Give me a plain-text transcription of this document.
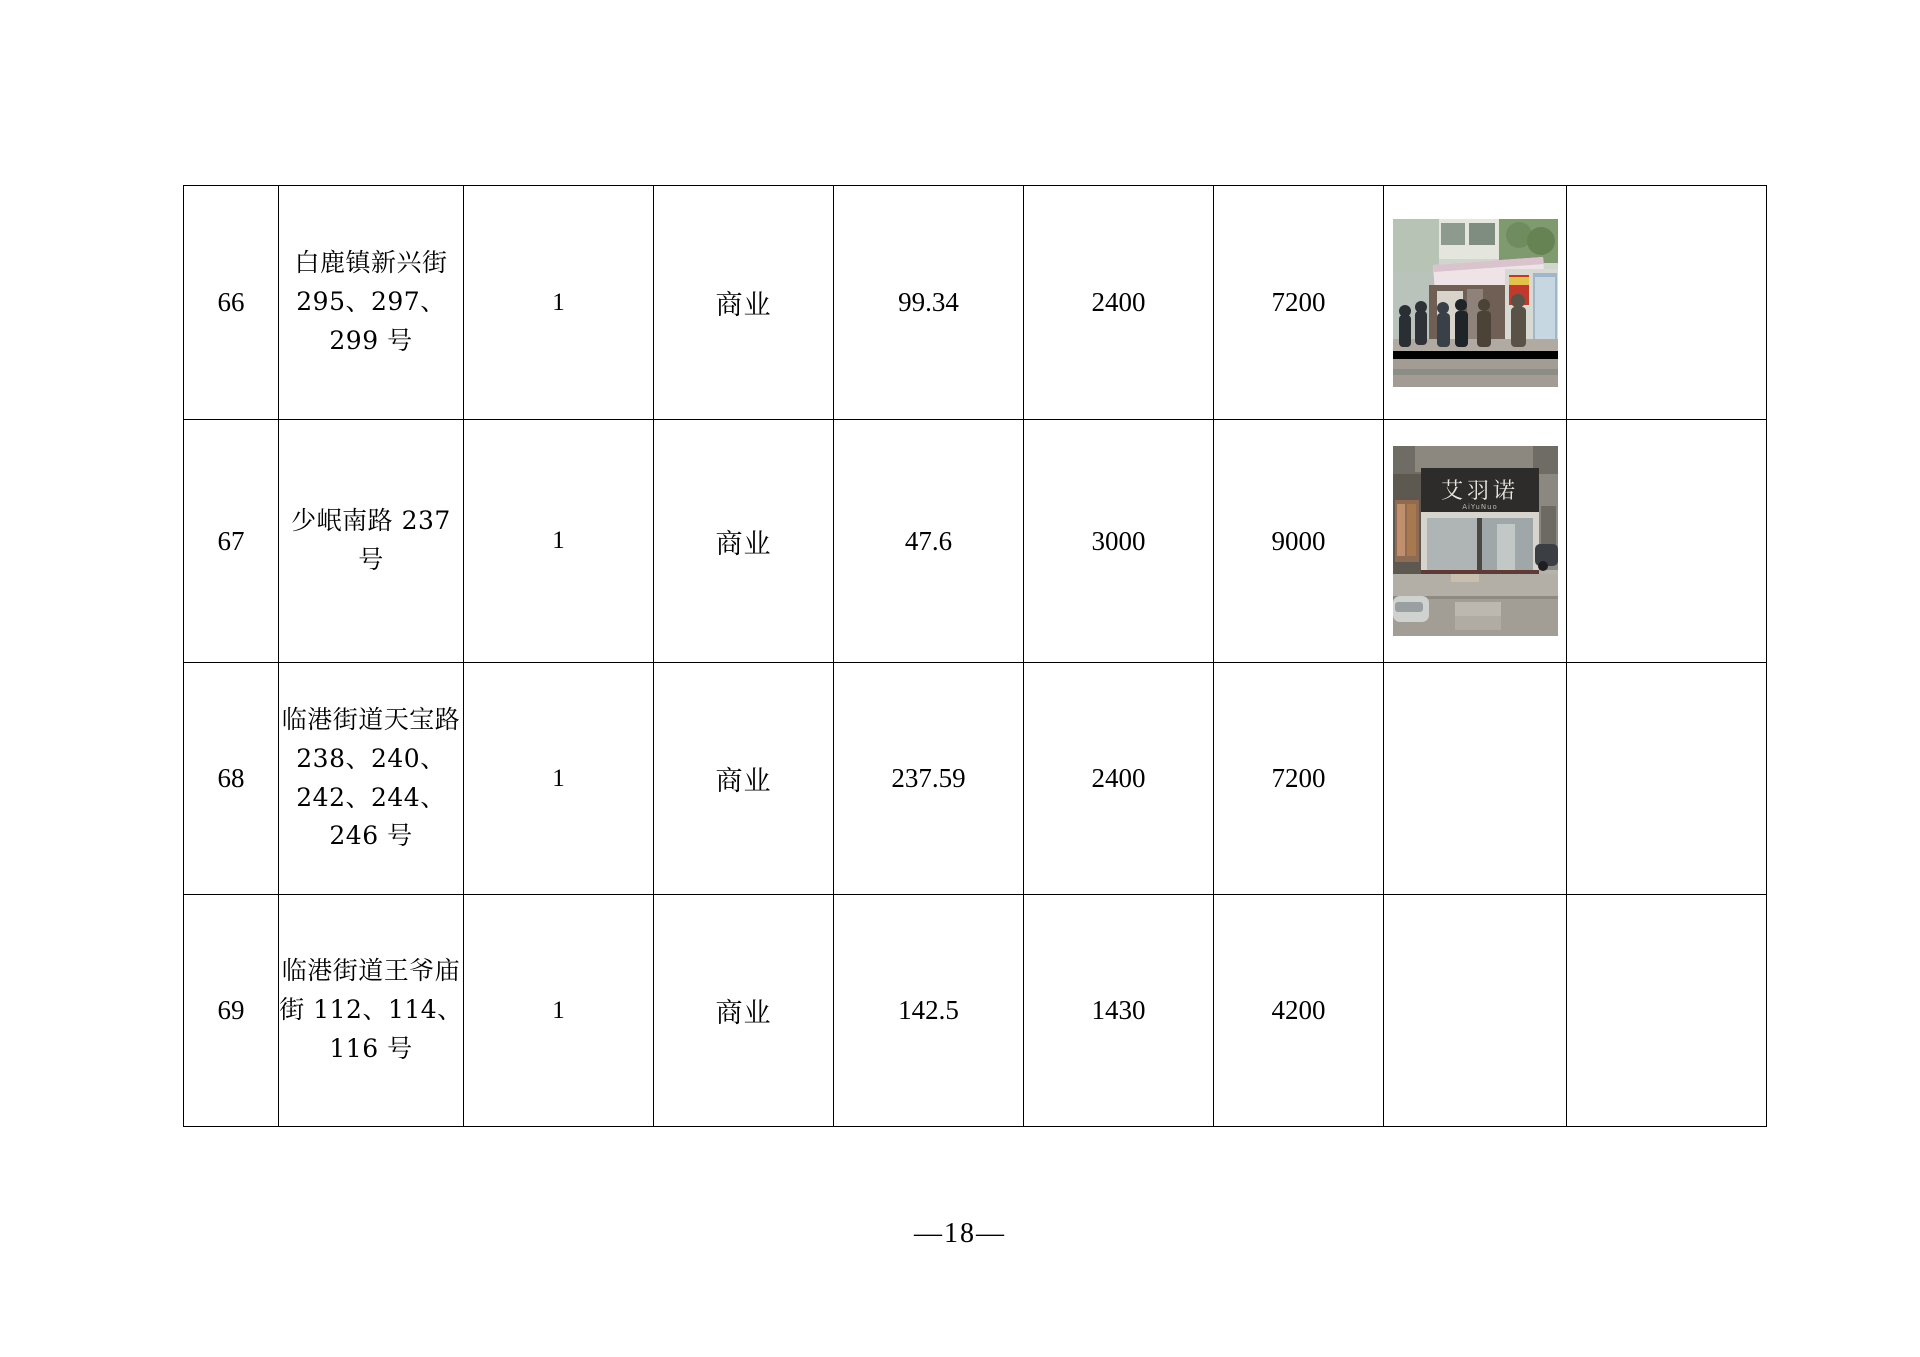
66	白鹿镇新兴街 295、297、299 号	1	商业	99.34	2400	7200	

67	少岷南路 237 号	1	商业	47.6	3000	9000	艾羽诺
AiYuNuo	

68	临港街道天宝路 238、240、242、244、246 号	1	商业	237.59	2400	7200		
69	临港街道王爷庙街 112、114、116 号	1	商业	142.5	1430	4200		
—18—
